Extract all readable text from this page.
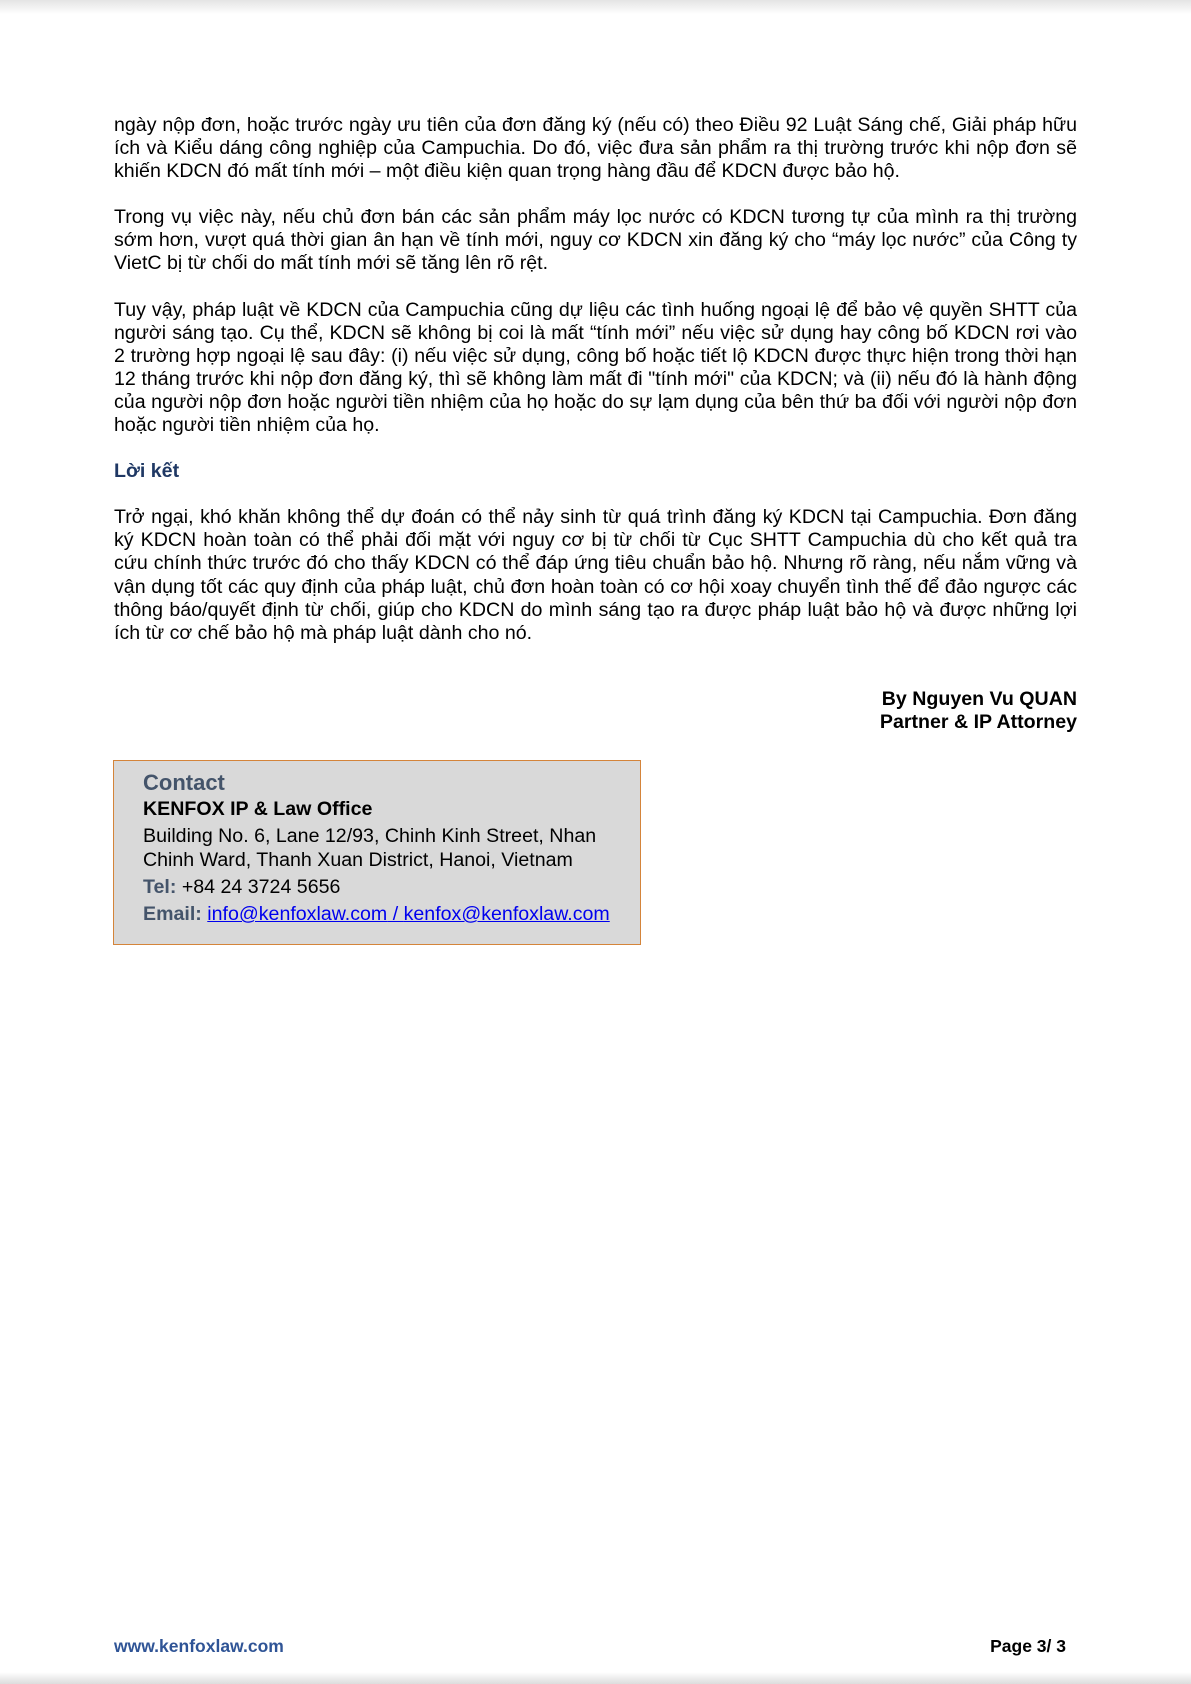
ngày nộp đơn, hoặc trước ngày ưu tiên của đơn đăng ký (nếu có) theo Điều 92 Luật Sáng chế, Giải pháp hữu ích và Kiểu dáng công nghiệp của Campuchia. Do đó, việc đưa sản phẩm ra thị trường trước khi nộp đơn sẽ khiến KDCN đó mất tính mới – một điều kiện quan trọng hàng đầu để KDCN được bảo hộ.

Trong vụ việc này, nếu chủ đơn bán các sản phẩm máy lọc nước có KDCN tương tự của mình ra thị trường sớm hơn, vượt quá thời gian ân hạn về tính mới, nguy cơ KDCN xin đăng ký cho “máy lọc nước” của Công ty VietC bị từ chối do mất tính mới sẽ tăng lên rõ rệt.

Tuy vậy, pháp luật về KDCN của Campuchia cũng dự liệu các tình huống ngoại lệ để bảo vệ quyền SHTT của người sáng tạo. Cụ thể, KDCN sẽ không bị coi là mất “tính mới” nếu việc sử dụng hay công bố KDCN rơi vào 2 trường hợp ngoại lệ sau đây: (i) nếu việc sử dụng, công bố hoặc tiết lộ KDCN được thực hiện trong thời hạn 12 tháng trước khi nộp đơn đăng ký, thì sẽ không làm mất đi "tính mới" của KDCN; và (ii) nếu đó là hành động của người nộp đơn hoặc người tiền nhiệm của họ hoặc do sự lạm dụng của bên thứ ba đối với người nộp đơn hoặc người tiền nhiệm của họ.

Lời kết

Trở ngại, khó khăn không thể dự đoán có thể nảy sinh từ quá trình đăng ký KDCN tại Campuchia. Đơn đăng ký KDCN hoàn toàn có thể phải đối mặt với nguy cơ bị từ chối từ Cục SHTT Campuchia dù cho kết quả tra cứu chính thức trước đó cho thấy KDCN có thể đáp ứng tiêu chuẩn bảo hộ. Nhưng rõ ràng, nếu nắm vững và vận dụng tốt các quy định của pháp luật, chủ đơn hoàn toàn có cơ hội xoay chuyển tình thế để đảo ngược các thông báo/quyết định từ chối, giúp cho KDCN do mình sáng tạo ra được pháp luật bảo hộ và được những lợi ích từ cơ chế bảo hộ mà pháp luật dành cho nó.

By Nguyen Vu QUAN
Partner & IP Attorney
Contact
KENFOX IP & Law Office
Building No. 6, Lane 12/93, Chinh Kinh Street, Nhan
Chinh Ward, Thanh Xuan District, Hanoi, Vietnam
Tel: +84 24 3724 5656
Email: info@kenfoxlaw.com / kenfox@kenfoxlaw.com
www.kenfoxlaw.com	Page 3/ 3
